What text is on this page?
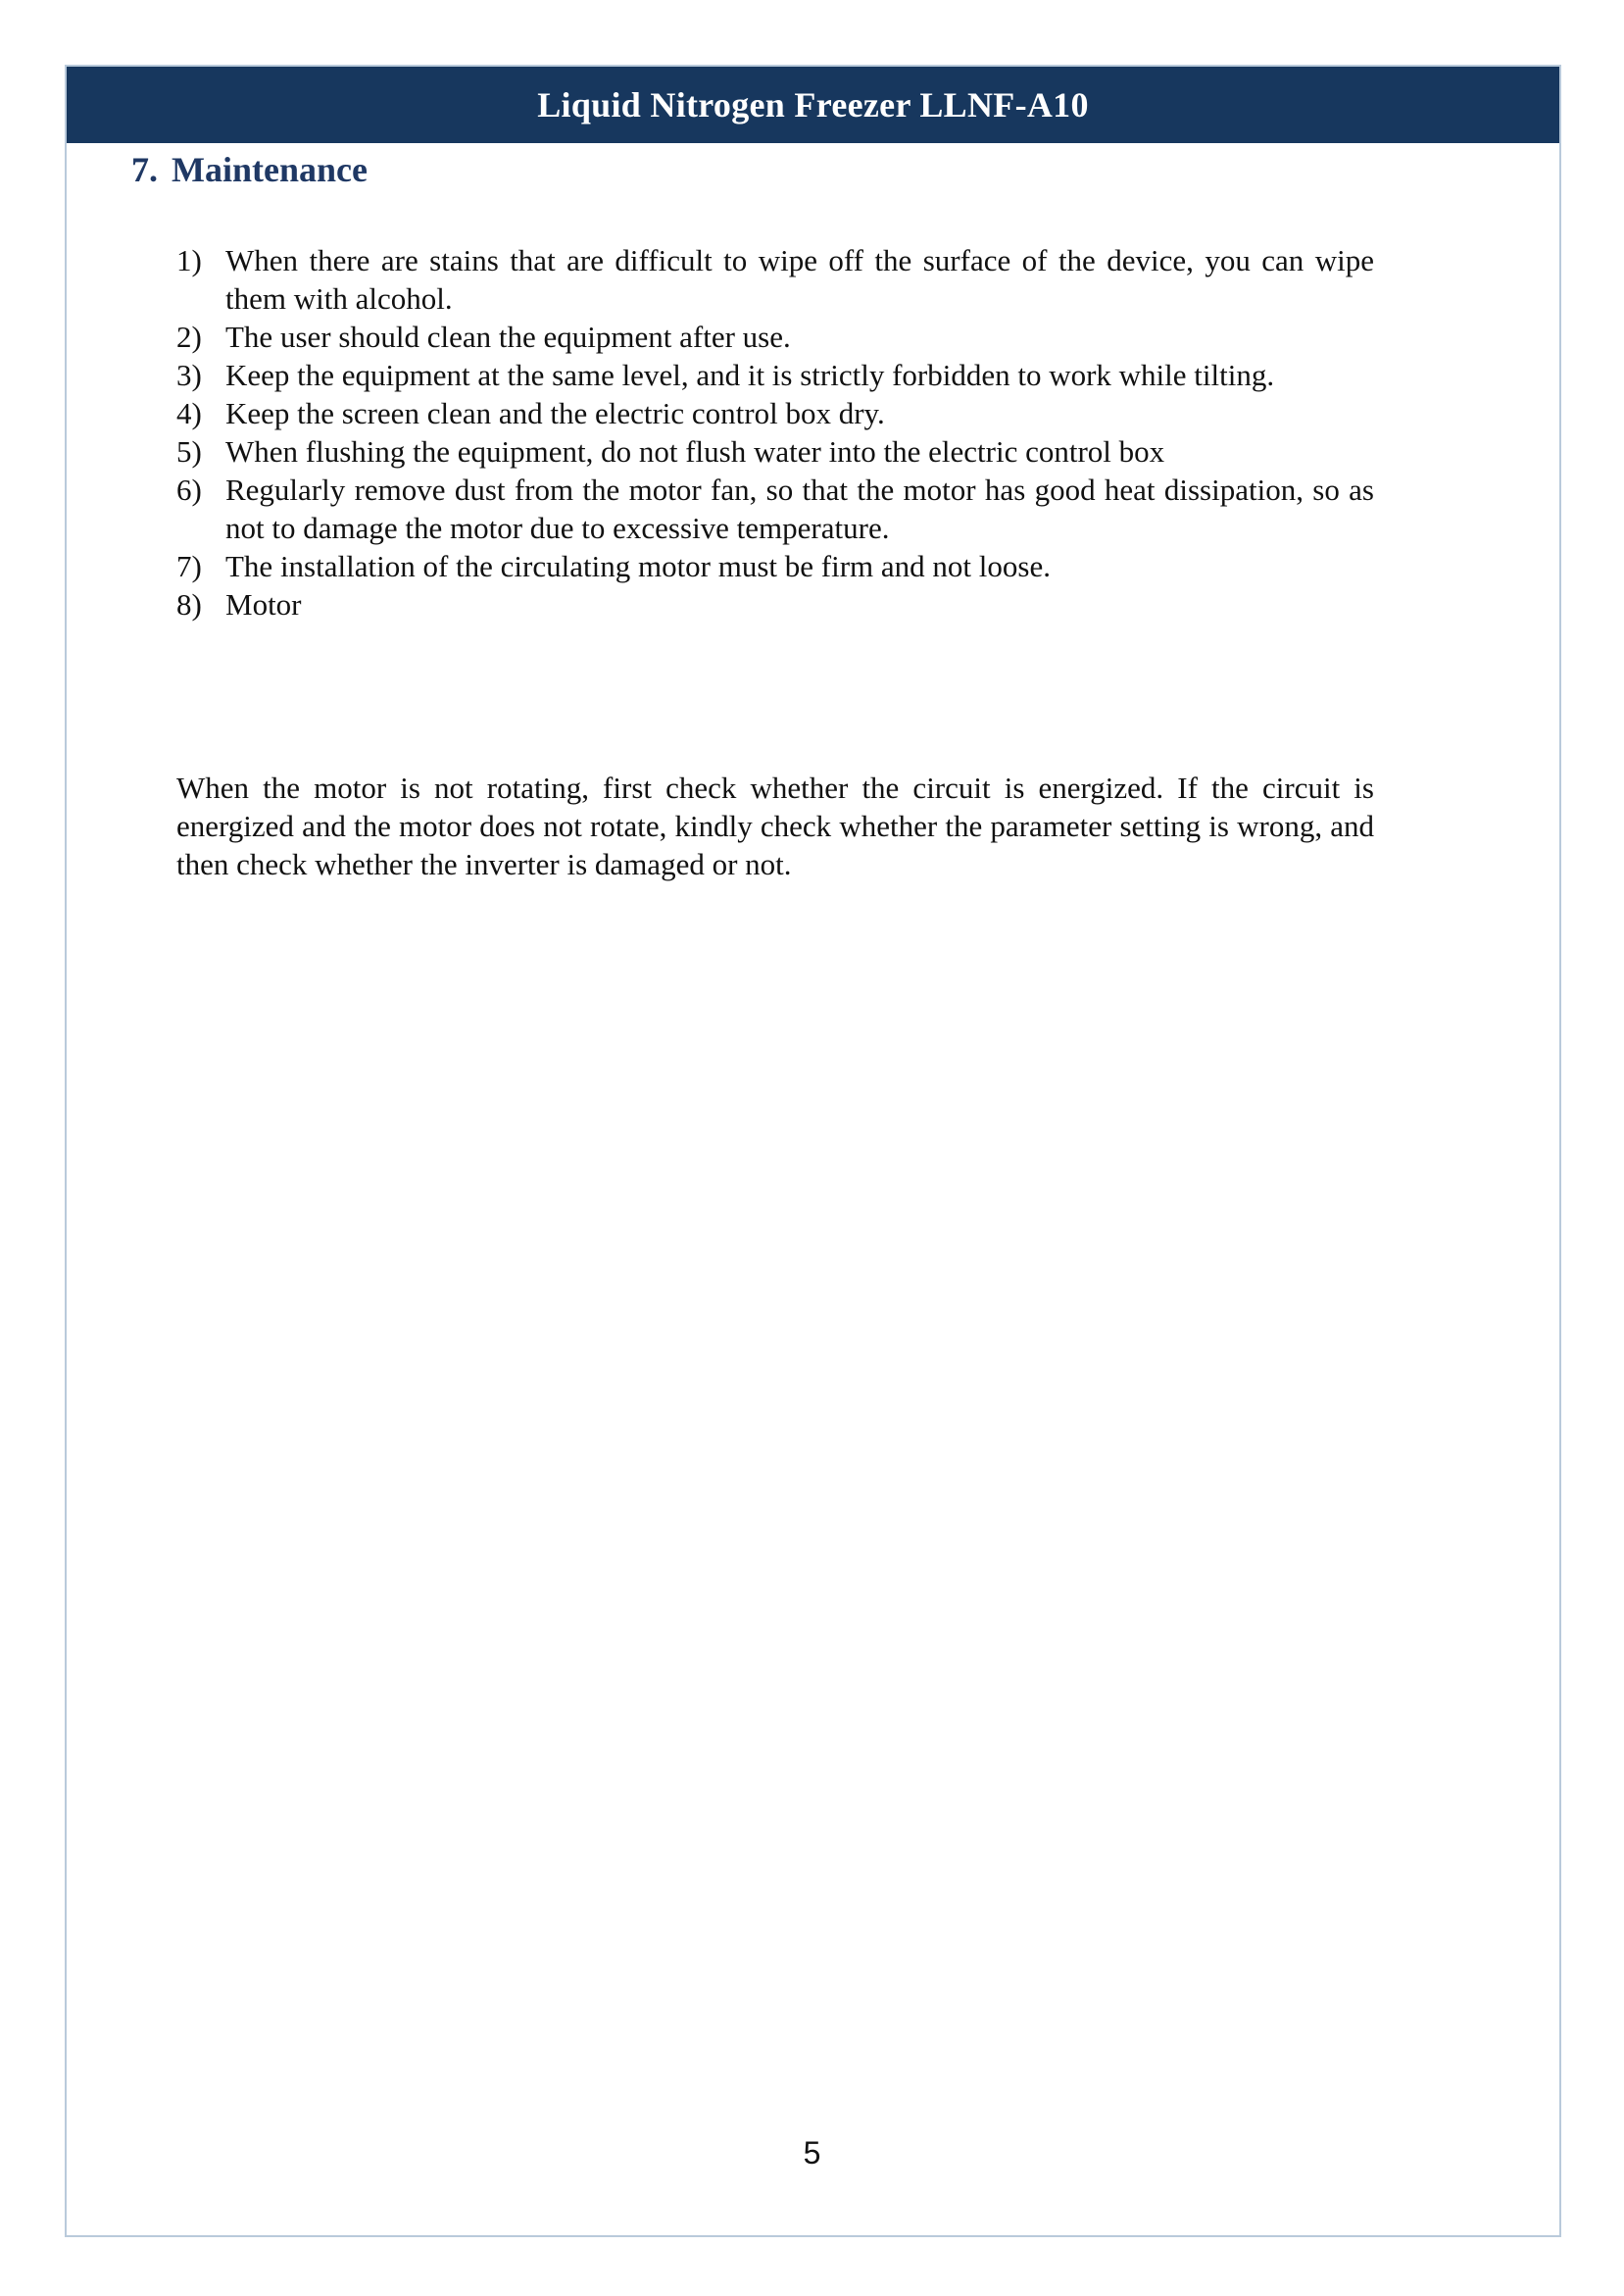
Liquid Nitrogen Freezer LLNF-A10
7. Maintenance
1) When there are stains that are difficult to wipe off the surface of the device, you can wipe them with alcohol.
2) The user should clean the equipment after use.
3) Keep the equipment at the same level, and it is strictly forbidden to work while tilting.
4) Keep the screen clean and the electric control box dry.
5) When flushing the equipment, do not flush water into the electric control box
6) Regularly remove dust from the motor fan, so that the motor has good heat dissipation, so as not to damage the motor due to excessive temperature.
7) The installation of the circulating motor must be firm and not loose.
8) Motor

When the motor is not rotating, first check whether the circuit is energized. If the circuit is energized and the motor does not rotate, kindly check whether the parameter setting is wrong, and then check whether the inverter is damaged or not.

5
